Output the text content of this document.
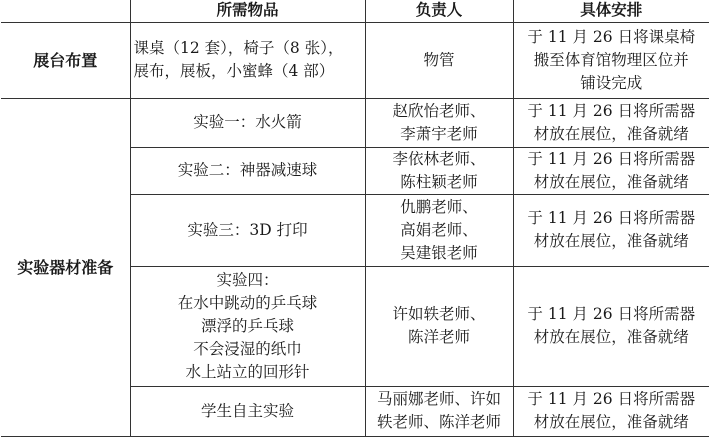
	所需物品	负责人	具体安排
展台布置	课桌（12 套），椅子（8 张），
展布，展板，小蜜蜂（4 部）	物管	于 11 月 26 日将课桌椅
搬至体育馆物理区位并
铺设完成

实验器材准备	实验一：水火箭	赵欣怡老师、
李萧宇老师	于 11 月 26 日将所需器
材放在展位，准备就绪

	实验二：神器减速球	李依林老师、
陈柱颖老师	于 11 月 26 日将所需器
材放在展位，准备就绪

	实验三：3D 打印	仇鹏老师、
高娟老师、
吴建银老师	于 11 月 26 日将所需器
材放在展位，准备就绪

	实验四：
在水中跳动的乒乓球
漂浮的乒乓球
不会浸湿的纸巾
水上站立的回形针	许如轶老师、
陈洋老师	于 11 月 26 日将所需器
材放在展位，准备就绪

	学生自主实验	马丽娜老师、许如
轶老师、陈洋老师	于 11 月 26 日将所需器
材放在展位，准备就绪
